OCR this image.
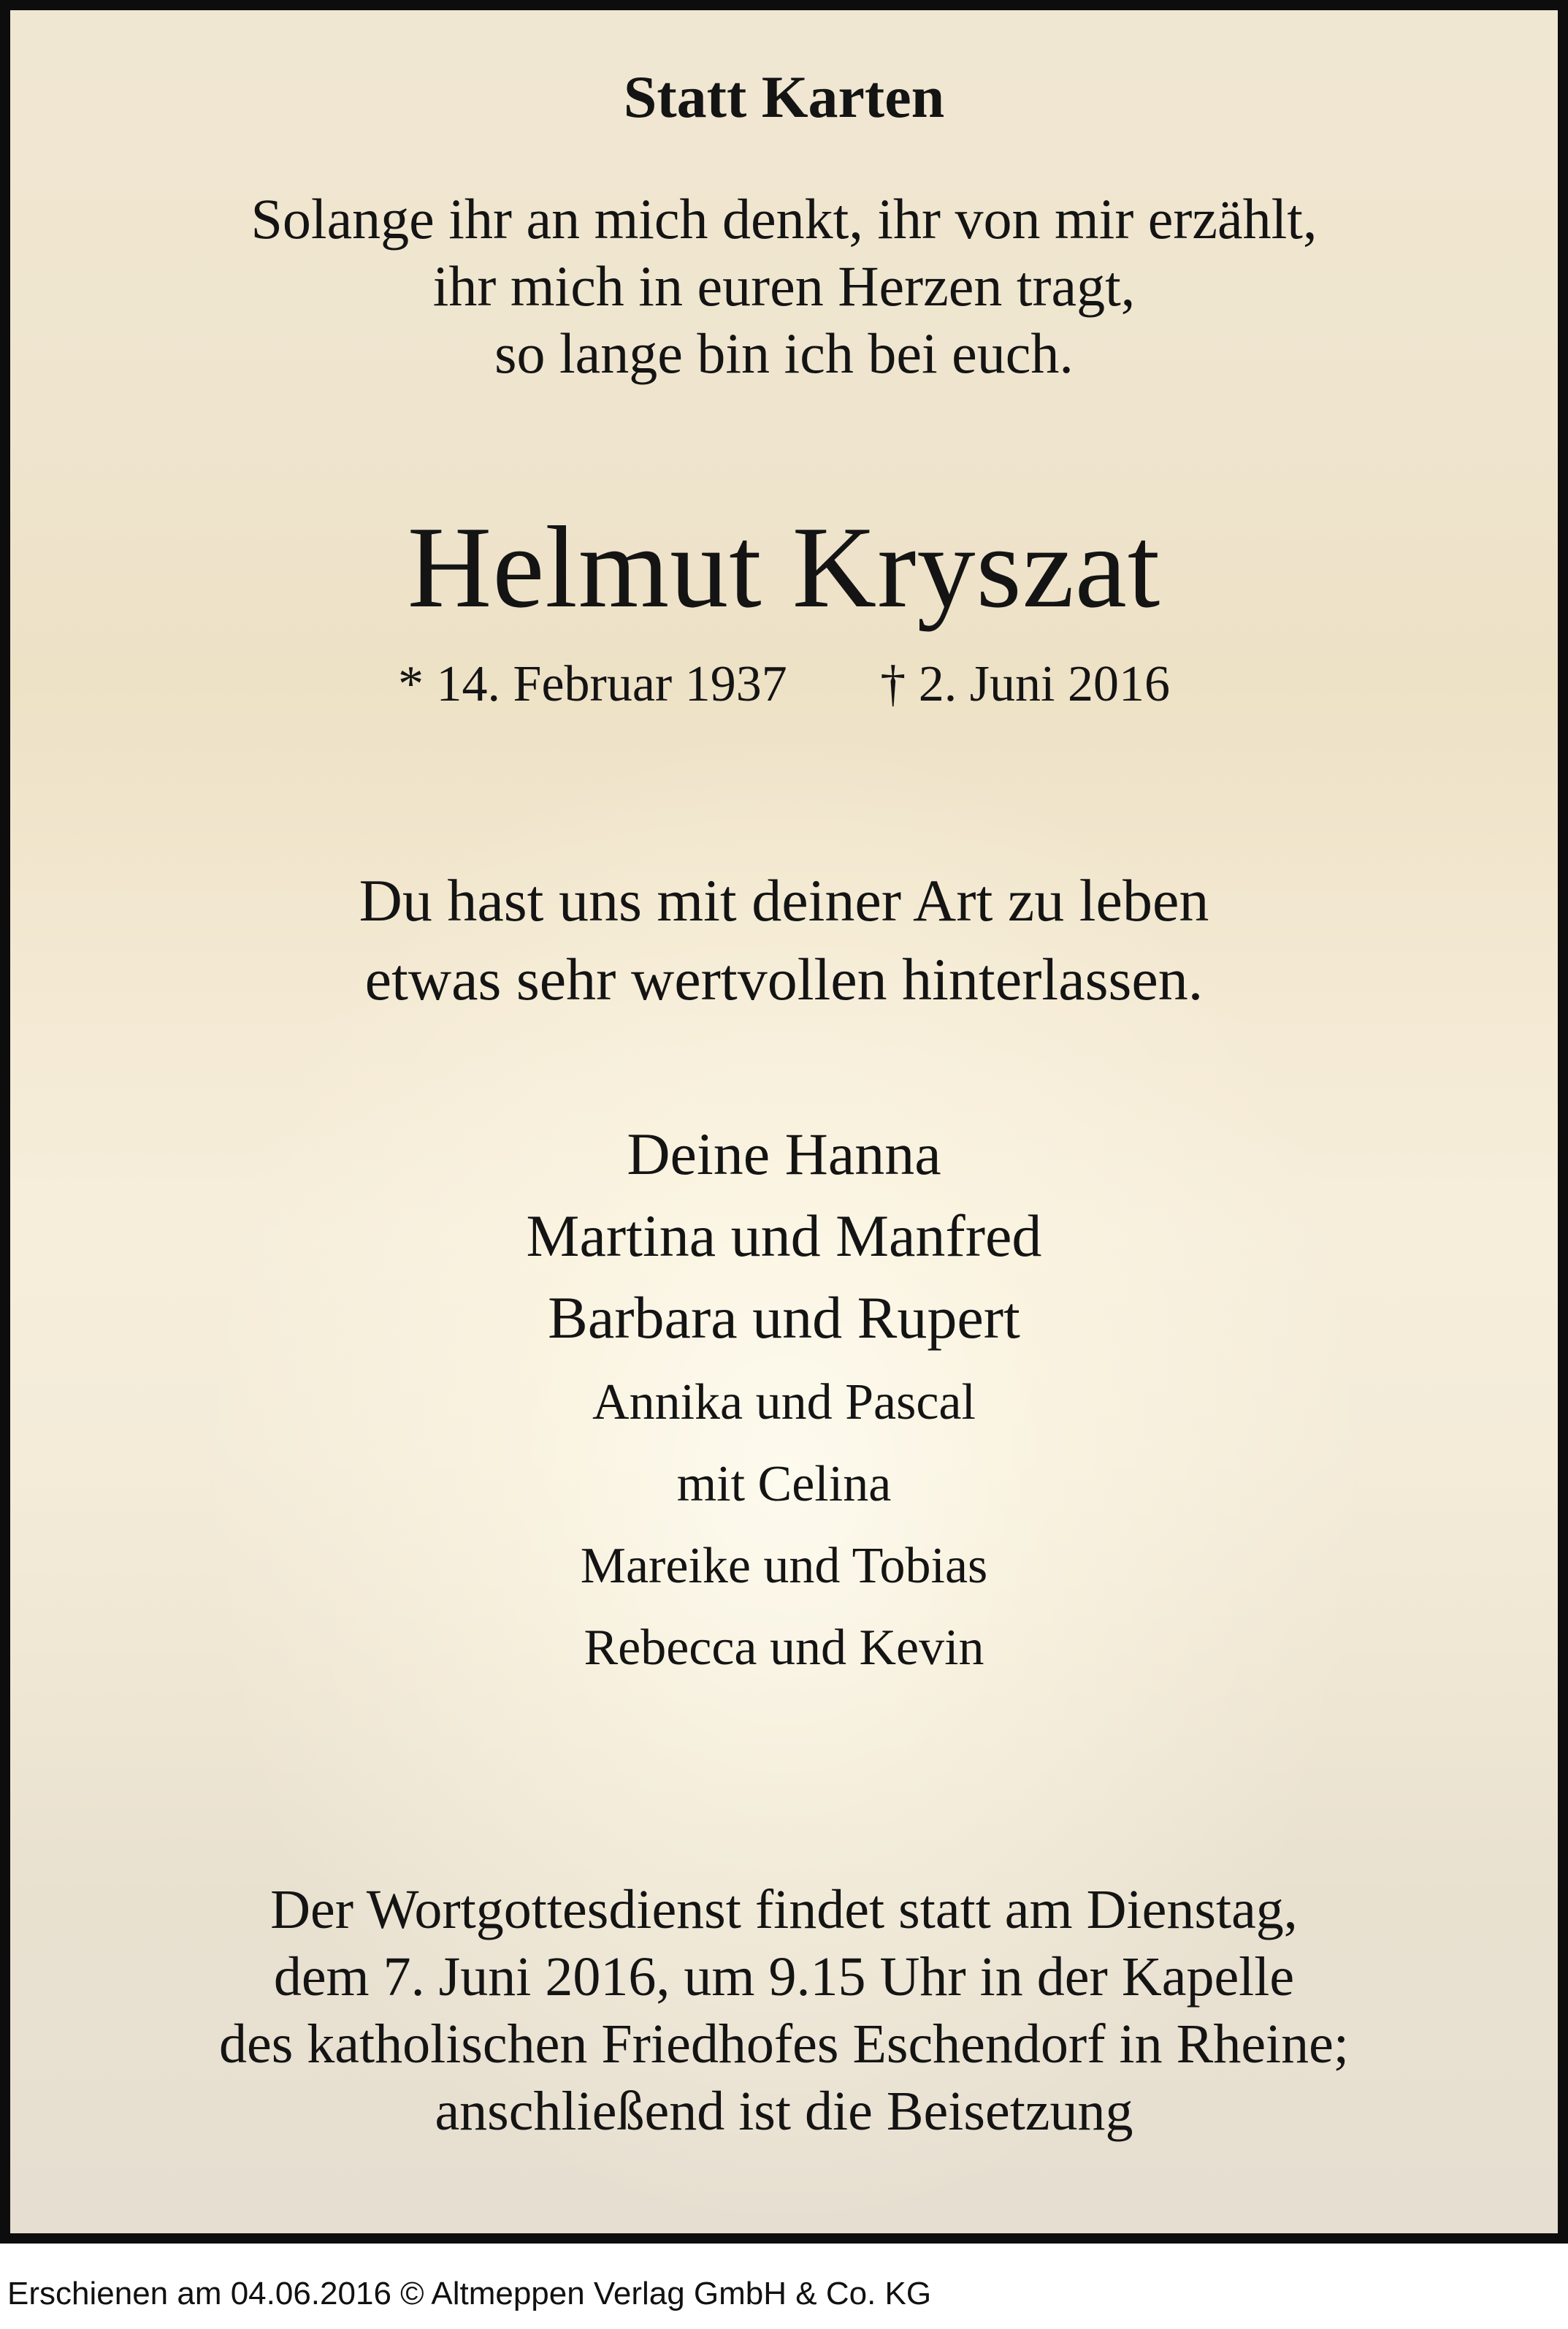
Statt Karten
Solange ihr an mich denkt, ihr von mir erzählt,
ihr mich in euren Herzen tragt,
so lange bin ich bei euch.
Helmut Kryszat
* 14. Februar 1937 † 2. Juni 2016
Du hast uns mit deiner Art zu leben
etwas sehr wertvollen hinterlassen.
Deine Hanna
Martina und Manfred
Barbara und Rupert
Annika und Pascal
mit Celina
Mareike und Tobias
Rebecca und Kevin
Der Wortgottesdienst findet statt am Dienstag,
dem 7. Juni 2016, um 9.15 Uhr in der Kapelle
des katholischen Friedhofes Eschendorf in Rheine;
anschließend ist die Beisetzung
Erschienen am 04.06.2016 © Altmeppen Verlag GmbH & Co. KG
